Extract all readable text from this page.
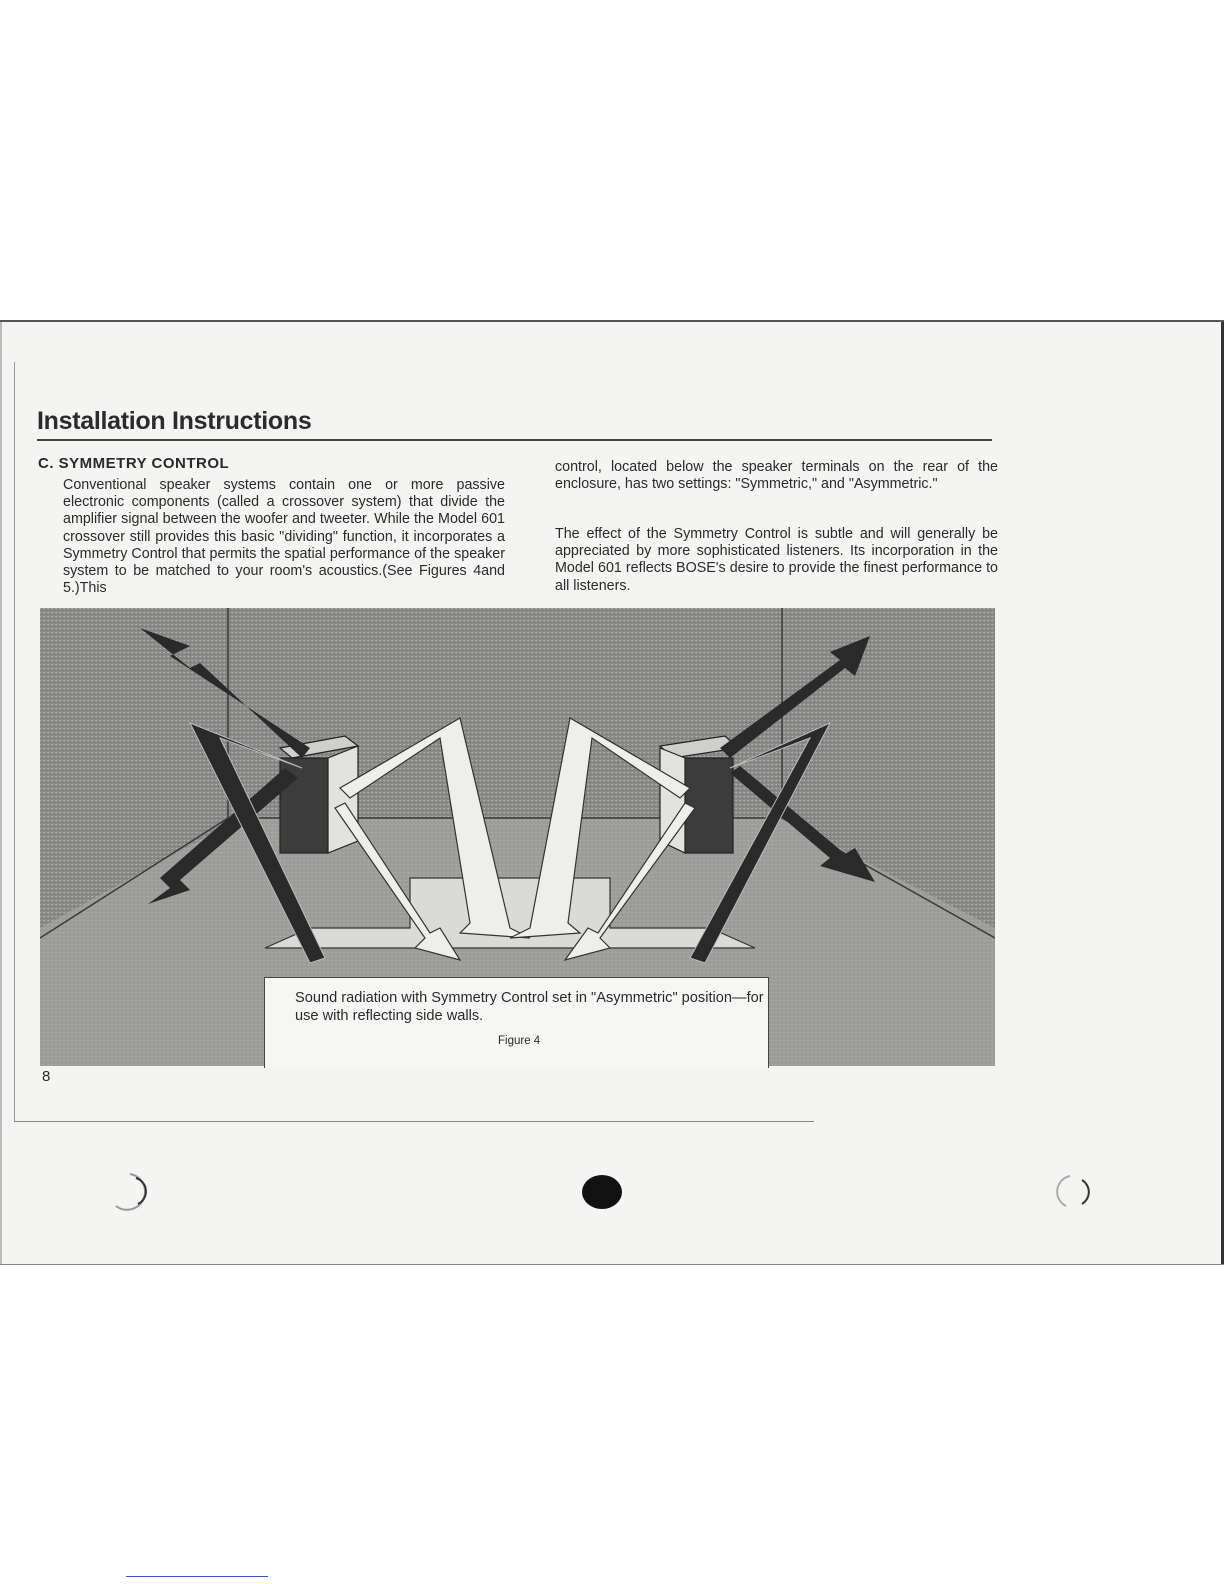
Installation Instructions
C. SYMMETRY CONTROL

Conventional speaker systems contain one or more passive electronic components (called a crossover system) that divide the amplifier signal between the woofer and tweeter. While the Model 601 crossover still provides this basic "dividing" function, it incorporates a Symmetry Control that permits the spatial performance of the speaker system to be matched to your room's acoustics.(See Figures 4and 5.)This

control, located below the speaker terminals on the rear of the enclosure, has two settings: "Symmetric," and "Asymmetric."

The effect of the Symmetry Control is subtle and will generally be appreciated by more sophisticated listeners. Its incorporation in the Model 601 reflects BOSE's desire to provide the finest performance to all listeners.

Sound radiation with Symmetry Control set in "Asymmetric" position—for use with reflecting side walls.

Figure 4

8
